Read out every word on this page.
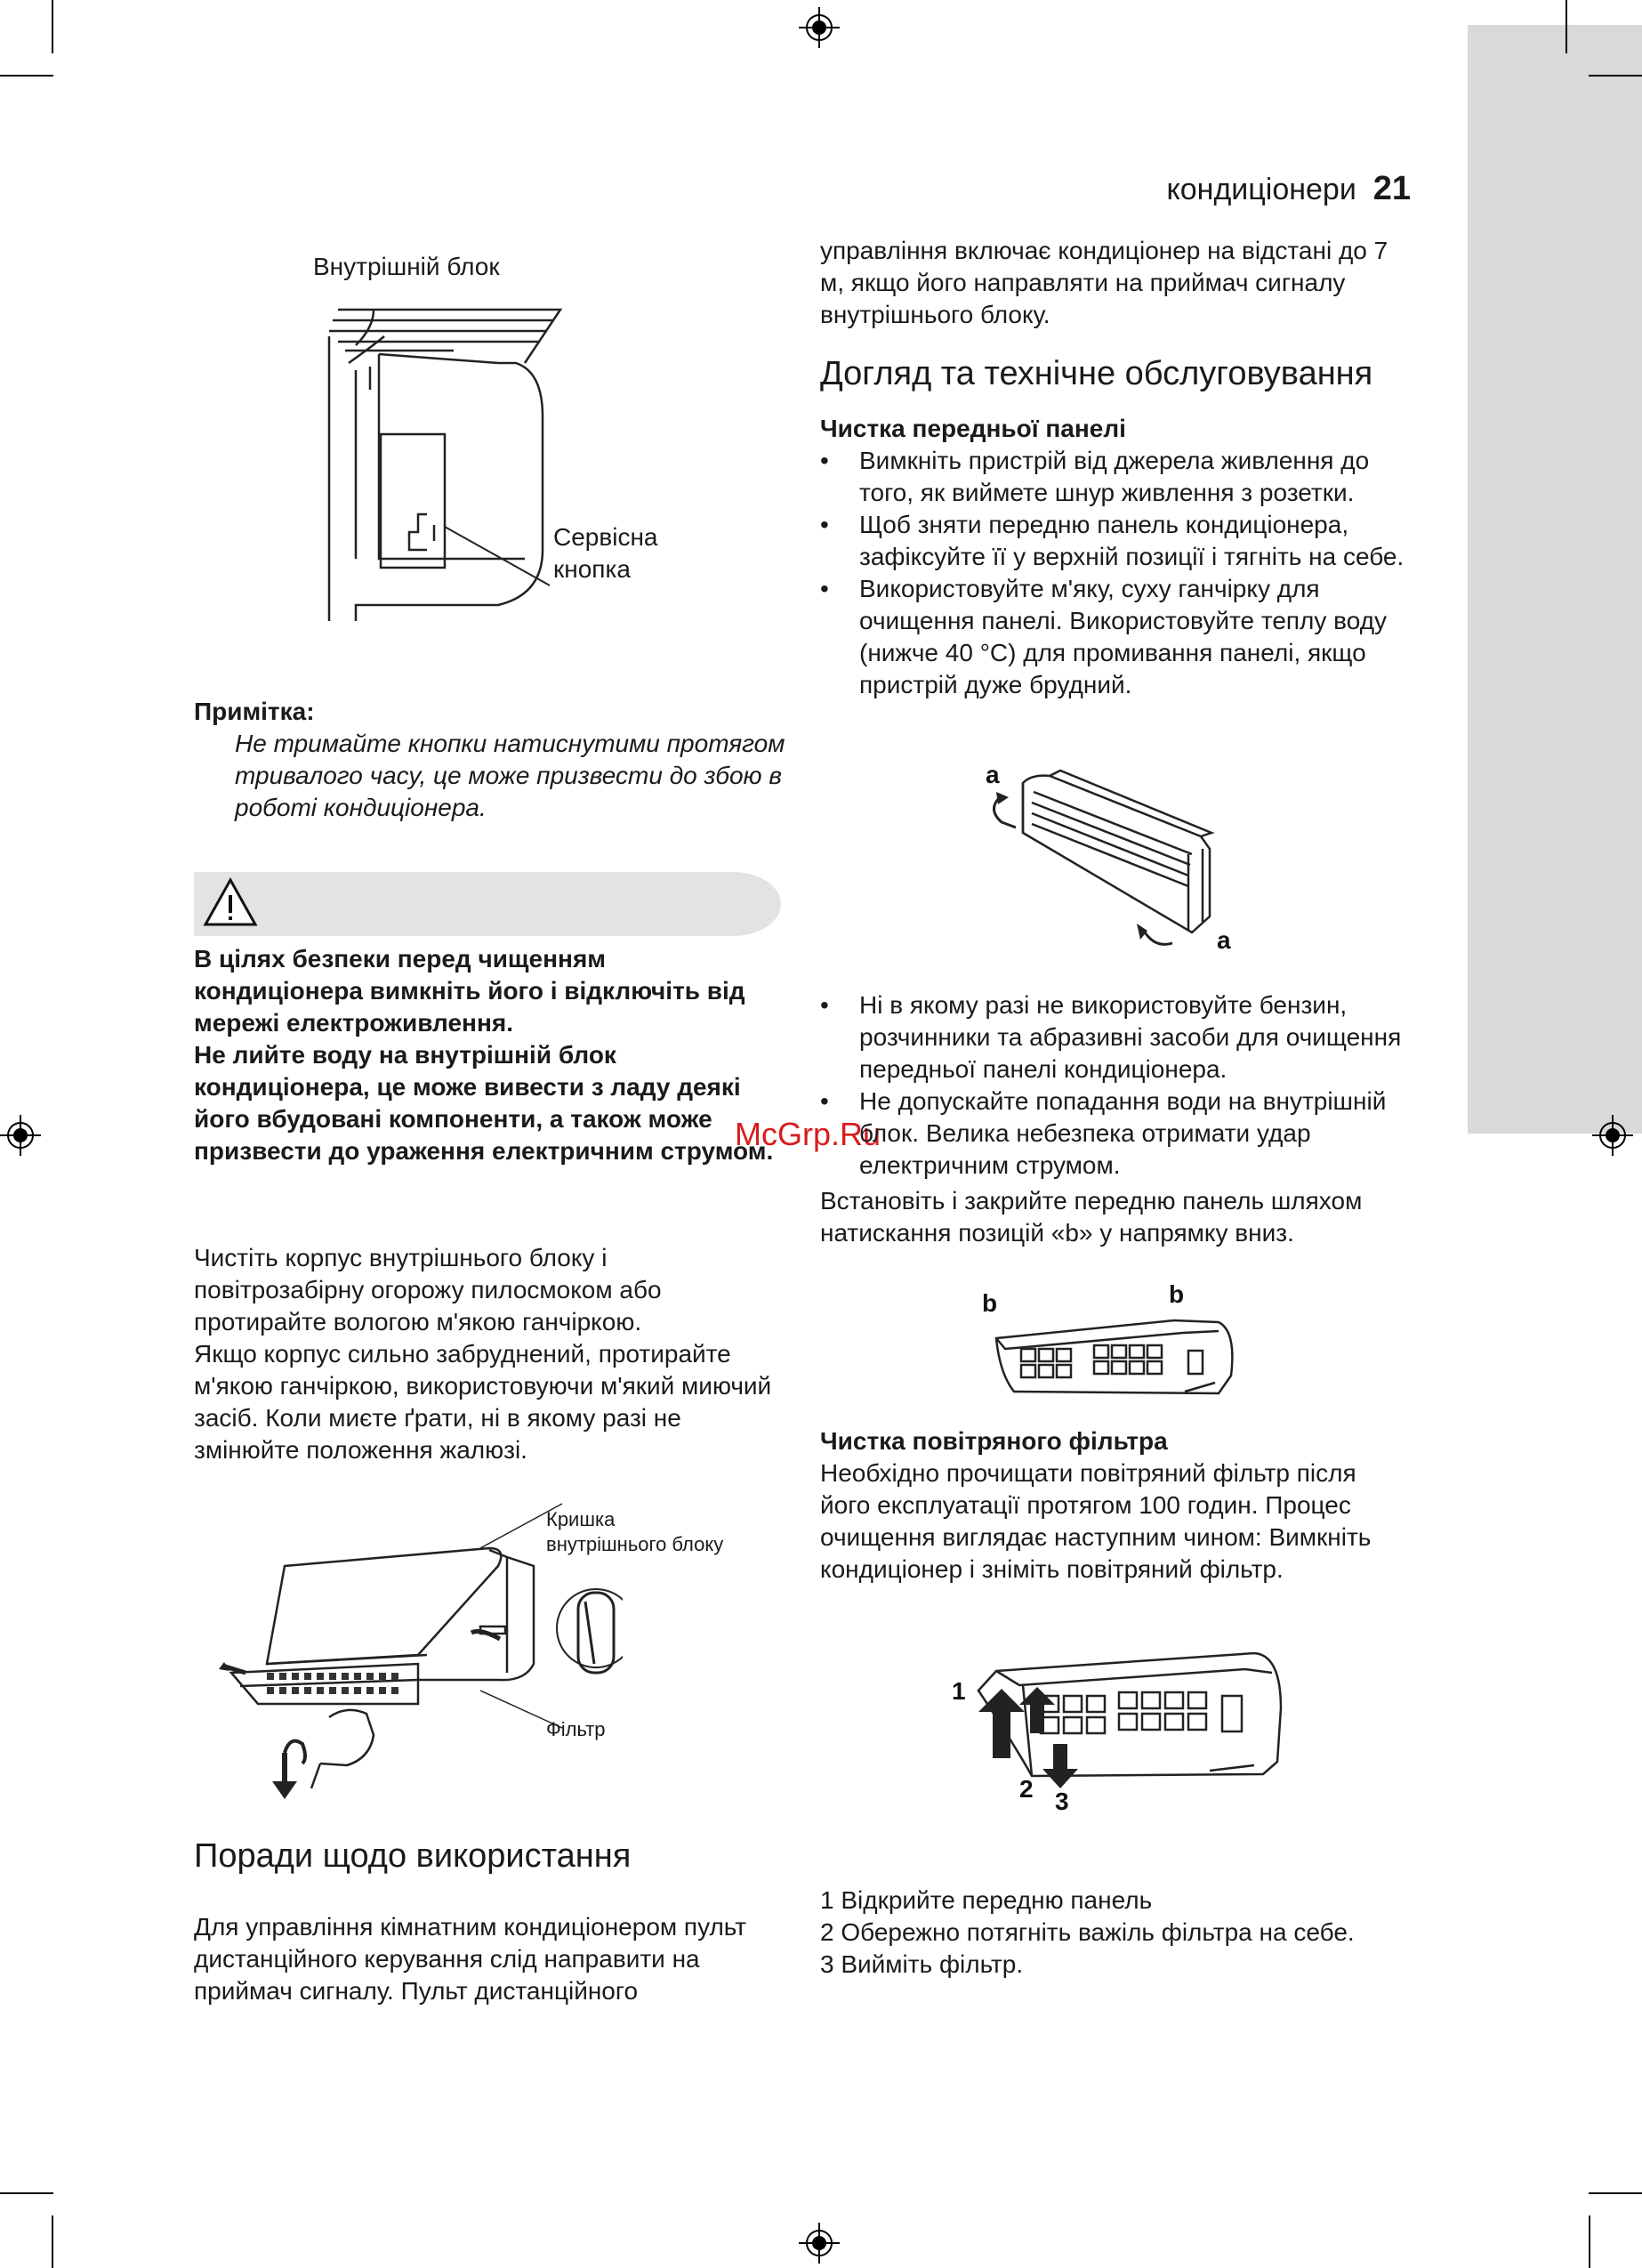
кондиціонери 21
Внутрішній блок
Сервісна
кнопка
Примітка:
Не тримайте кнопки натиснутими протягом тривалого часу, це може призвести до збою в роботі кондиціонера.

В цілях безпеки перед чищенням кондиціонера вимкніть його і відключіть від мережі електроживлення.

Не лийте воду на внутрішній блок кондиціонера, це може вивести з ладу деякі його вбудовані компоненти, а також може призвести до ураження електричним струмом.

Чистіть корпус внутрішнього блоку і повітрозабірну огорожу пилосмоком або протирайте вологою м'якою ганчіркою.

Якщо корпус сильно забруднений, протирайте м'якою ганчіркою, використовуючи м'який миючий засіб. Коли миєте ґрати, ні в якому разі не змінюйте положення жалюзі.

Кришка
внутрішнього блоку
Фільтр
Поради щодо використання
Для управління кімнатним кондиціонером пульт дистанційного керування слід направити на приймач сигналу. Пульт дистанційного
McGrp.Ru
управління включає кондиціонер на відстані до 7 м, якщо його направляти на приймач сигналу внутрішнього блоку.
Догляд та технічне обслуговування
Чистка передньої панелі
• Вимкніть пристрій від джерела живлення до того, як виймете шнур живлення з розетки.
• Щоб зняти передню панель кондиціонера, зафіксуйте її у верхній позиції і тягніть на себе.
• Використовуйте м'яку, суху ганчірку для очищення панелі. Використовуйте теплу воду (нижче 40 °C) для промивання панелі, якщо пристрій дуже брудний.
a
a
• Ні в якому разі не використовуйте бензин, розчинники та абразивні засоби для очищення передньої панелі кондиціонера.
• Не допускайте попадання води на внутрішній блок. Велика небезпека отримати удар електричним струмом.
Встановіть і закрийте передню панель шляхом натискання позицій «b» у напрямку вниз.
b	b
Чистка повітряного фільтра
Необхідно прочищати повітряний фільтр після його експлуатації протягом 100 годин. Процес очищення виглядає наступним чином: Вимкніть кондиціонер і зніміть повітряний фільтр.
1
2 3

1 Відкрийте передню панель

2 Обережно потягніть важіль фільтра на себе.

3 Вийміть фільтр.
